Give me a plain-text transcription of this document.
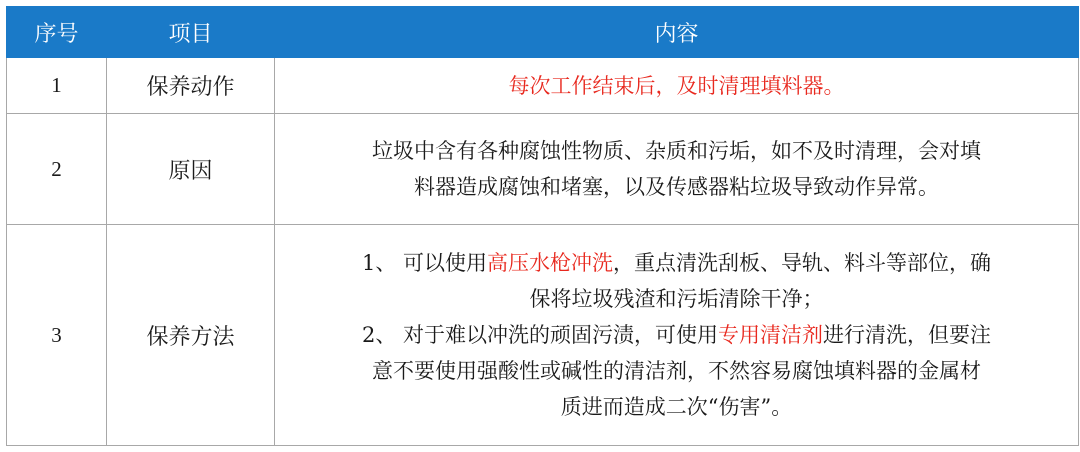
序号	项目	内容
1	保养动作	每次工作结束后，及时清理填料器。
2	原因	垃圾中含有各种腐蚀性物质、杂质和污垢，如不及时清理，会对填
料器造成腐蚀和堵塞，以及传感器粘垃圾导致动作异常。

3	保养方法	1、 可以使用高压水枪冲洗，重点清洗刮板、导轨、料斗等部位，确
保将垃圾残渣和污垢清除干净；
2、 对于难以冲洗的顽固污渍，可使用专用清洁剂进行清洗，但要注
意不要使用强酸性或碱性的清洁剂，不然容易腐蚀填料器的金属材
质进而造成二次“伤害”。
